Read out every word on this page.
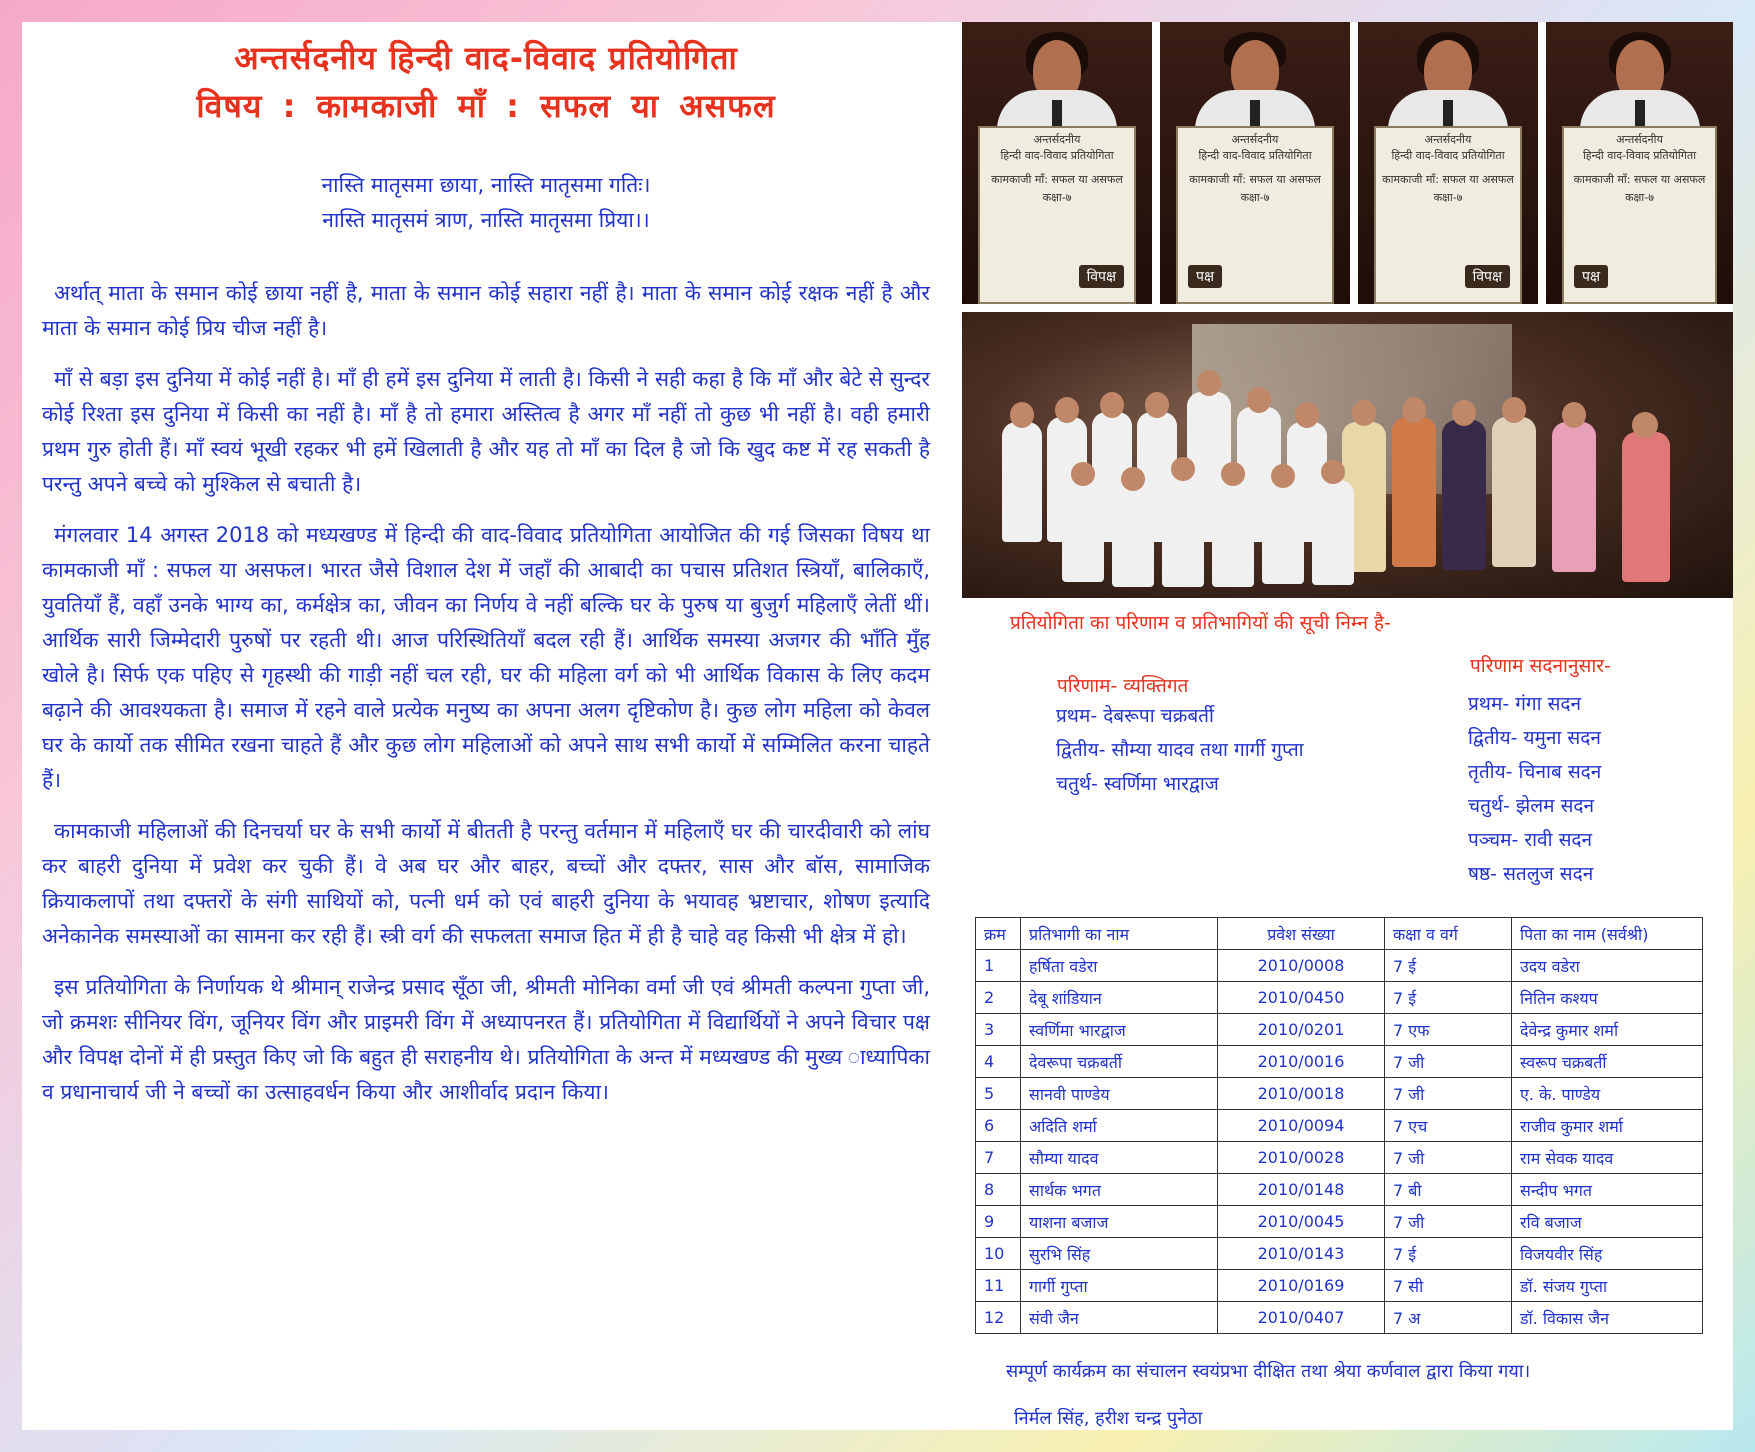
अन्तर्सदनीय हिन्दी वाद-विवाद प्रतियोगिता
विषय : कामकाजी माँ : सफल या असफल
नास्ति मातृसमा छाया, नास्ति मातृसमा गतिः।
नास्ति मातृसमं त्राण, नास्ति मातृसमा प्रिया।।

अर्थात् माता के समान कोई छाया नहीं है, माता के समान कोई सहारा नहीं है। माता के समान कोई रक्षक नहीं है और माता के समान कोई प्रिय चीज नहीं है।

माँ से बड़ा इस दुनिया में कोई नहीं है। माँ ही हमें इस दुनिया में लाती है। किसी ने सही कहा है कि माँ और बेटे से सुन्दर कोई रिश्ता इस दुनिया में किसी का नहीं है। माँ है तो हमारा अस्तित्व है अगर माँ नहीं तो कुछ भी नहीं है। वही हमारी प्रथम गुरु होती हैं। माँ स्वयं भूखी रहकर भी हमें खिलाती है और यह तो माँ का दिल है जो कि खुद कष्ट में रह सकती है परन्तु अपने बच्चे को मुश्किल से बचाती है।

मंगलवार 14 अगस्त 2018 को मध्यखण्ड में हिन्दी की वाद-विवाद प्रतियोगिता आयोजित की गई जिसका विषय था कामकाजी माँ : सफल या असफल। भारत जैसे विशाल देश में जहाँ की आबादी का पचास प्रतिशत स्त्रियाँ, बालिकाएँ, युवतियाँ हैं, वहाँ उनके भाग्य का, कर्मक्षेत्र का, जीवन का निर्णय वे नहीं बल्कि घर के पुरुष या बुजुर्ग महिलाएँ लेतीं थीं। आर्थिक सारी जिम्मेदारी पुरुषों पर रहती थी। आज परिस्थितियाँ बदल रही हैं। आर्थिक समस्या अजगर की भाँति मुँह खोले है। सिर्फ एक पहिए से गृहस्थी की गाड़ी नहीं चल रही, घर की महिला वर्ग को भी आर्थिक विकास के लिए कदम बढ़ाने की आवश्यकता है। समाज में रहने वाले प्रत्येक मनुष्य का अपना अलग दृष्टिकोण है। कुछ लोग महिला को केवल घर के कार्यो तक सीमित रखना चाहते हैं और कुछ लोग महिलाओं को अपने साथ सभी कार्यो में सम्मिलित करना चाहते हैं।

कामकाजी महिलाओं की दिनचर्या घर के सभी कार्यो में बीतती है परन्तु वर्तमान में महिलाएँ घर की चारदीवारी को लांघ कर बाहरी दुनिया में प्रवेश कर चुकी हैं। वे अब घर और बाहर, बच्चों और दफ्तर, सास और बॉस, सामाजिक क्रियाकलापों तथा दफ्तरों के संगी साथियों को, पत्नी धर्म को एवं बाहरी दुनिया के भयावह भ्रष्टाचार, शोषण इत्यादि अनेकानेक समस्याओं का सामना कर रही हैं। स्त्री वर्ग की सफलता समाज हित में ही है चाहे वह किसी भी क्षेत्र में हो।

इस प्रतियोगिता के निर्णायक थे श्रीमान् राजेन्द्र प्रसाद सूँठा जी, श्रीमती मोनिका वर्मा जी एवं श्रीमती कल्पना गुप्ता जी, जो क्रमशः सीनियर विंग, जूनियर विंग और प्राइमरी विंग में अध्यापनरत हैं। प्रतियोगिता में विद्यार्थियों ने अपने विचार पक्ष और विपक्ष दोनों में ही प्रस्तुत किए जो कि बहुत ही सराहनीय थे। प्रतियोगिता के अन्त में मध्यखण्ड की मुख्य ाध्यापिका व प्रधानाचार्य जी ने बच्चों का उत्साहवर्धन किया और आशीर्वाद प्रदान किया।

अन्तर्सदनीय
हिन्दी वाद-विवाद प्रतियोगिता
कामकाजी माँ: सफल या असफल
कक्षा-७
विपक्ष
अन्तर्सदनीय
हिन्दी वाद-विवाद प्रतियोगिता
कामकाजी माँ: सफल या असफल
कक्षा-७
पक्ष
अन्तर्सदनीय
हिन्दी वाद-विवाद प्रतियोगिता
कामकाजी माँ: सफल या असफल
कक्षा-७
विपक्ष
अन्तर्सदनीय
हिन्दी वाद-विवाद प्रतियोगिता
कामकाजी माँ: सफल या असफल
कक्षा-७
पक्ष
प्रतियोगिता का परिणाम व प्रतिभागियों की सूची निम्न है-
परिणाम- व्यक्तिगत
प्रथम- देबरूपा चक्रबर्ती
द्वितीय- सौम्या यादव तथा गार्गी गुप्ता
चतुर्थ- स्वर्णिमा भारद्वाज
परिणाम सदनानुसार-
प्रथम- गंगा सदन
द्वितीय- यमुना सदन
तृतीय- चिनाब सदन
चतुर्थ- झेलम सदन
पञ्चम- रावी सदन
षष्ठ- सतलुज सदन
क्रम	प्रतिभागी का नाम	प्रवेश संख्या	कक्षा व वर्ग	पिता का नाम (सर्वश्री)
1	हर्षिता वडेरा	2010/0008	7 ई	उदय वडेरा
2	देबू शांडियान	2010/0450	7 ई	नितिन कश्यप
3	स्वर्णिमा भारद्वाज	2010/0201	7 एफ	देवेन्द्र कुमार शर्मा
4	देवरूपा चक्रबर्ती	2010/0016	7 जी	स्वरूप चक्रबर्ती
5	सानवी पाण्डेय	2010/0018	7 जी	ए. के. पाण्डेय
6	अदिति शर्मा	2010/0094	7 एच	राजीव कुमार शर्मा
7	सौम्या यादव	2010/0028	7 जी	राम सेवक यादव
8	सार्थक भगत	2010/0148	7 बी	सन्दीप भगत
9	याशना बजाज	2010/0045	7 जी	रवि बजाज
10	सुरभि सिंह	2010/0143	7 ई	विजयवीर सिंह
11	गार्गी गुप्ता	2010/0169	7 सी	डॉ. संजय गुप्ता
12	संवी जैन	2010/0407	7 अ	डॉ. विकास जैन
सम्पूर्ण कार्यक्रम का संचालन स्वयंप्रभा दीक्षित तथा श्रेया कर्णवाल द्वारा किया गया।
निर्मल सिंह, हरीश चन्द्र पुनेठा
